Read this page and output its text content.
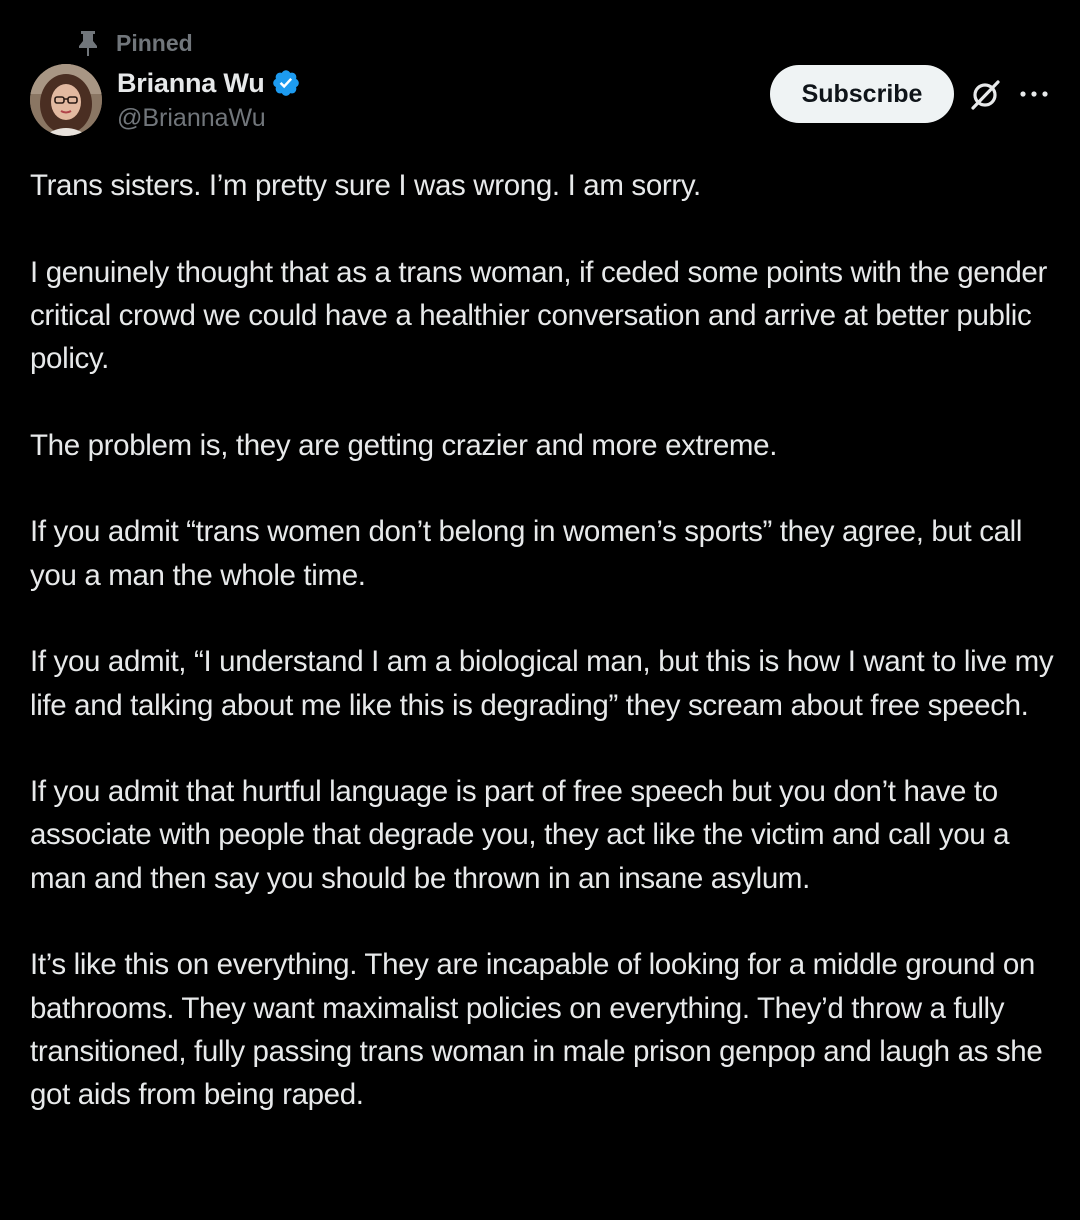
Pinned
Brianna Wu
@BriannaWu
Subscribe

Trans sisters. I’m pretty sure I was wrong. I am sorry.

I genuinely thought that as a trans woman, if ceded some points with the gender critical crowd we could have a healthier conversation and arrive at better public policy.

The problem is, they are getting crazier and more extreme.

If you admit “trans women don’t belong in women’s sports” they agree, but call you a man the whole time.

If you admit, “I understand I am a biological man, but this is how I want to live my life and talking about me like this is degrading” they scream about free speech.

If you admit that hurtful language is part of free speech but you don’t have to associate with people that degrade you, they act like the victim and call you a man and then say you should be thrown in an insane asylum.

It’s like this on everything. They are incapable of looking for a middle ground on bathrooms. They want maximalist policies on everything. They’d throw a fully transitioned, fully passing trans woman in male prison genpop and laugh as she got aids from being raped.
